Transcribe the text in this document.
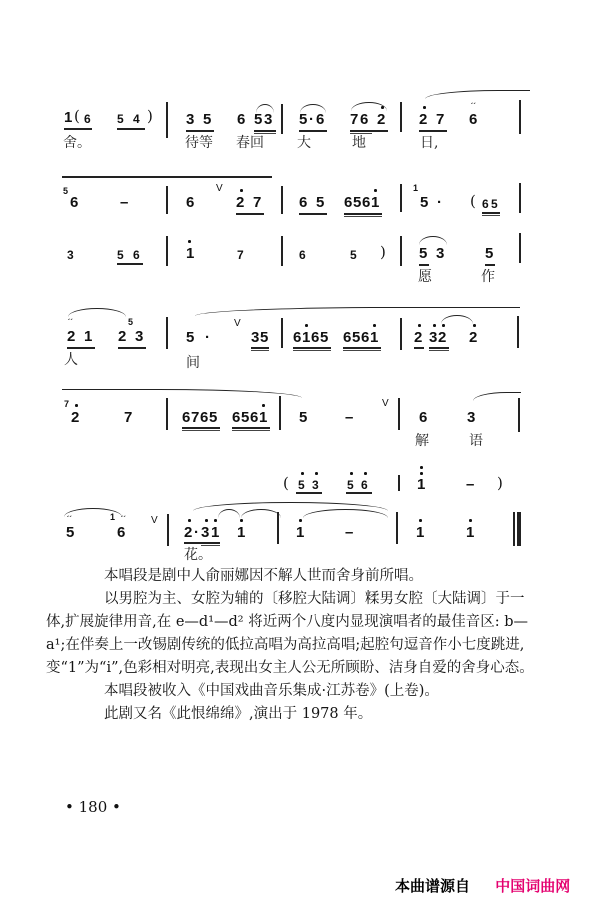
1 ( 6 5 4 )
舍。
3 5 6 5 3
待等 春回
5 · 6 7 6 2
大	地
2 7
´´
6
日,
5
6	–	6
V
2 7 6 5 6 5 6 1
1
5 · ( 6 5
3	5 6	1	7	6	5 ) 5 3	5
愿	作
´´
2 1 2
5
3
人
5 ·
V
3 5
间
6 1 6 5 6 5 6 1 2 3 2 2
7
2	7	6 7 6 5 6 5 6 1 5 –
V
6	3
解	语
( 5 3 5 6	1	– )
´´
5
1 ´´
6
V
2 · 3 1 1
花。
1	–	1	1

本唱段是剧中人俞丽娜因不解人世而舍身前所唱。

以男腔为主、女腔为辅的〔移腔大陆调〕糅男女腔〔大陆调〕于一体,扩展旋律用音,在 e—d¹—d² 将近两个八度内显现演唱者的最佳音区: b—a¹;在伴奏上一改锡剧传统的低拉高唱为高拉高唱;起腔句逗音作小七度跳进,变“1”为“i”,色彩相对明亮,表现出女主人公无所顾盼、洁身自爱的舍身心态。

本唱段被收入《中国戏曲音乐集成·江苏卷》(上卷)。

此剧又名《此恨绵绵》,演出于 1978 年。

• 180 •
本曲谱源自 中国词曲网
